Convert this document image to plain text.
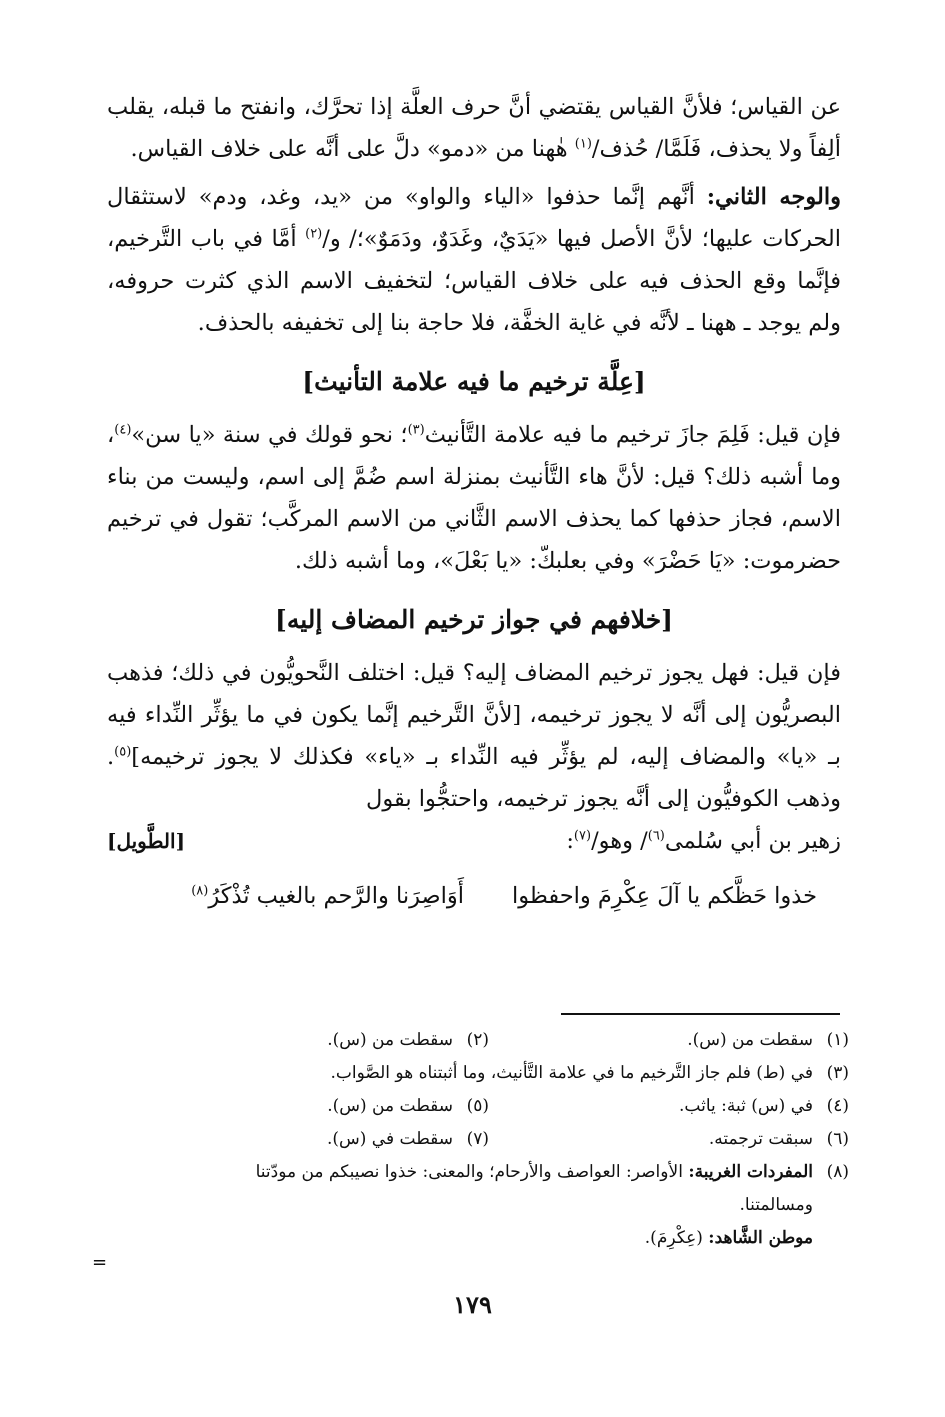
عن القياس؛ فلأنَّ القياس يقتضي أنَّ حرف العلَّة إذا تحرَّك، وانفتح ما قبله، يقلب ألِفاً ولا يحذف، فَلَمَّا/ حُذف/$^{(١)}$ هٰهنا من «دمو» دلَّ على أنَّه على خلاف القياس.

والوجه الثاني: أنَّهم إنَّما حذفوا «الياء والواو» من «يد، وغد، ودم» لاستثقال الحركات عليها؛ لأنَّ الأصل فيها «يَدَيٌ، وغَدَوٌ، ودَمَوٌ»؛/ و/$^{(٢)}$ أمَّا في باب التَّرخيم، فإنَّما وقع الحذف فيه على خلاف القياس؛ لتخفيف الاسم الذي كثرت حروفه، ولم يوجد ـ ههنا ـ لأنَّه في غاية الخفَّة، فلا حاجة بنا إلى تخفيفه بالحذف.

[عِلَّة ترخيم ما فيه علامة التأنيث]

فإن قيل: فَلِمَ جازَ ترخيم ما فيه علامة التَّأنيث$^{(٣)}$؛ نحو قولك في سنة «يا سن»$^{(٤)}$، وما أشبه ذلك؟ قيل: لأنَّ هاء التَّأنيث بمنزلة اسم ضُمَّ إلى اسم، وليست من بناء الاسم، فجاز حذفها كما يحذف الاسم الثَّاني من الاسم المركَّب؛ تقول في ترخيم حضرموت: «يَا حَضْرَ» وفي بعلبكّ: «يا بَعْلَ»، وما أشبه ذلك.

[خلافهم في جواز ترخيم المضاف إليه]

فإن قيل: فهل يجوز ترخيم المضاف إليه؟ قيل: اختلف النَّحويُّون في ذلك؛ فذهب البصريُّون إلى أنَّه لا يجوز ترخيمه، [لأنَّ التَّرخيم إنَّما يكون في ما يؤثِّر النِّداء فيه بـ «يا» والمضاف إليه، لم يؤثِّر فيه النِّداء بـ «ياء» فكذلك لا يجوز ترخيمه]$^{(٥)}$. وذهب الكوفيُّون إلى أنَّه يجوز ترخيمه، واحتجُّوا بقول

زهير بن أبي سُلمى$^{(٦)}$/ وهو/$^{(٧)}$:
[الطَّويل]
خذوا حَظَّكم يا آلَ عِكْرِمَ واحفظوا
أَوَاصِرَنا والرَّحم بالغيب تُذْكَرُ$^{(٨)}$
(١)
سقطت من (س).
(٢)
سقطت من (س).
(٣)
في (ط) فلم جاز التَّرخيم ما في علامة التَّأنيث، وما أثبتناه هو الصَّواب.
(٤)
في (س) ثبة: ياثب.
(٥)
سقطت من (س).
(٦)
سبقت ترجمته.
(٧)
سقطت في (س).
(٨)
المفردات الغريبة: الأواصر: العواصف والأرحام؛ والمعنى: خذوا نصيبكم من مودّتنا
ومسالمتنا.
موطن الشَّاهد: (عِكْرِمَ).
=
١٧٩
